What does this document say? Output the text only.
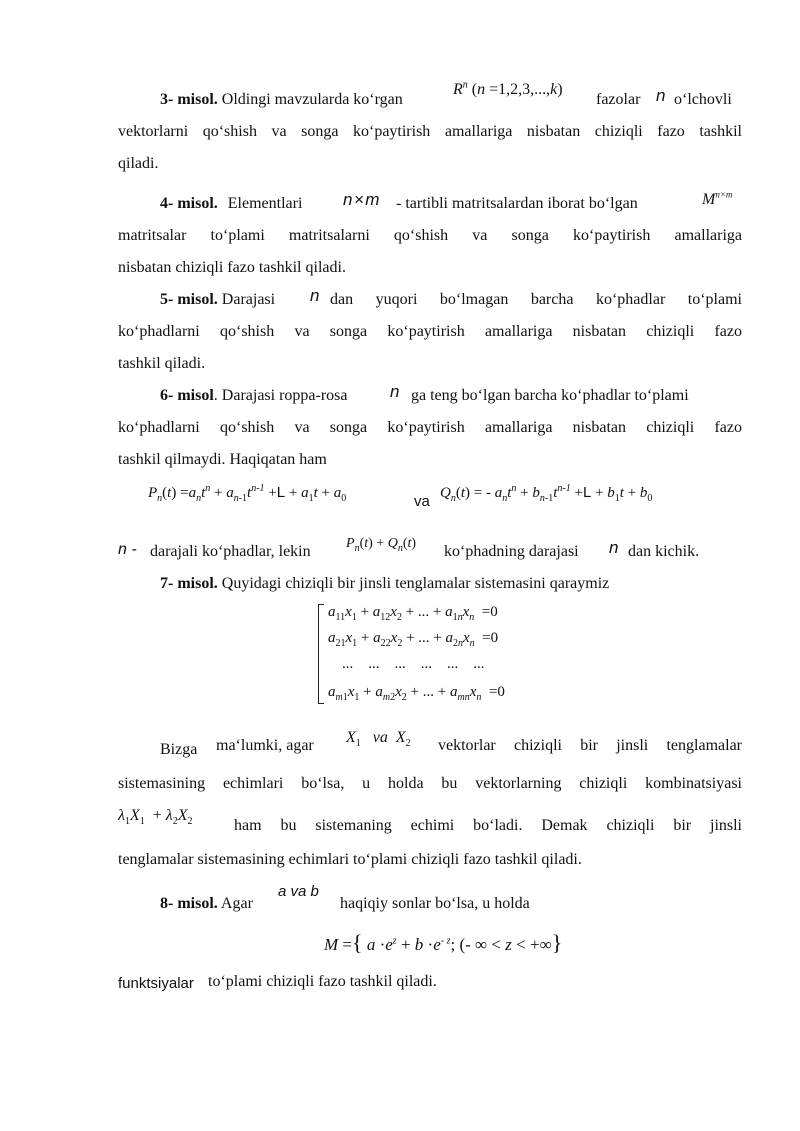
3- misol. Oldingi mavzularda ko‘rgan
$R^n$ (n =1,2,3,...,k)
fazolar n o‘lchovli
vektorlarni qo‘shish va songa ko‘paytirish amallariga nisbatan chiziqli fazo tashkil
qiladi.
4- misol. Elementlari n × m - tartibli matritsalardan iborat bo‘lgan	$M^{n\times m}$
matritsalar to‘plami matritsalarni qo‘shish va songa ko‘paytirish amallariga
nisbatan chiziqli fazo tashkil qiladi.
5- misol. Darajasi n dan yuqori bo‘lmagan barcha ko‘phadlar to‘plami
ko‘phadlarni qo‘shish va songa ko‘paytirish amallariga nisbatan chiziqli fazo
tashkil qiladi.
6- misol. Darajasi roppa-rosa	n ga teng bo‘lgan barcha ko‘phadlar to‘plami
ko‘phadlarni qo‘shish va songa ko‘paytirish amallariga nisbatan chiziqli fazo
tashkil qilmaydi. Haqiqatan ham
$P_n(t) =a_nt^n + a_{n-1}t^{n-1} +L + a_1t + a_0$	va $Q_n(t)$ = - $a_nt^n + b_{n-1}t^{n-1} +L + b_1t + b_0$
n - darajali ko‘phadlar, lekin	$P_n(t) + Q_n(t)$ ko‘phadning darajasi n dan kichik.
7- misol. Quyidagi chiziqli bir jinsli tenglamalar sistemasini qaraymiz
$a_{11}x_1 + a_{12}x_2$ + ... + $a_{1n}x_n =0$
$a_{21}x_1 + a_{22}x_2$ + ... + $a_{2n}x_n =0$
...    ...    ...    ...    ...    ...
$a_{m1}x_1 + a_{m2}x_2$ + ... + $a_{mn}x_n =0$
Bizga ma‘lumki, agar $X_1$   va  $X_2$ vektorlar chiziqli bir jinsli tenglamalar
sistemasining echimlari bo‘lsa, u holda bu vektorlarning chiziqli kombinatsiyasi
$\lambda_1X_1 + \lambda_2X_2$	ham bu sistemaning echimi bo‘ladi. Demak chiziqli bir jinsli
tenglamalar sistemasining echimlari to‘plami chiziqli fazo tashkil qiladi.
8- misol. Agar
a va b
haqiqiy sonlar bo‘lsa, u holda
M ={ $a \cdot e^z + b \cdot e^-$ $^z$; (- ∞ < z < +∞}
funktsiyalar to‘plami chiziqli fazo tashkil qiladi.
